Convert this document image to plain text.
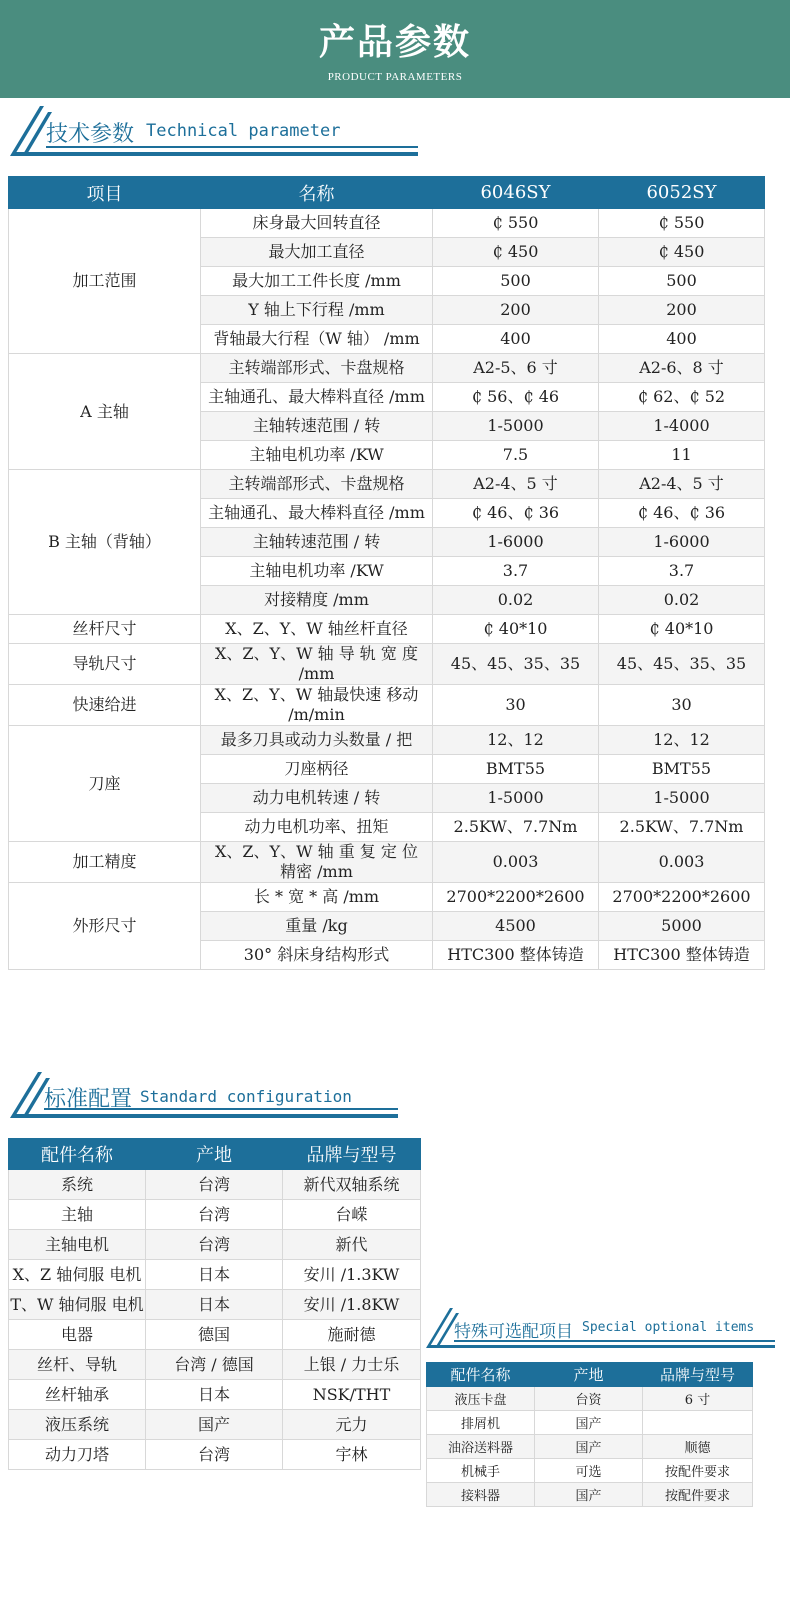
产品参数
PRODUCT PARAMETERS
技术参数 Technical parameter
项目	名称	6046SY	6052SY
加工范围	床身最大回转直径	₵ 550	₵ 550
	最大加工直径	₵ 450	₵ 450
	最大加工工件长度 /mm	500	500
	Y 轴上下行程 /mm	200	200
	背轴最大行程（W 轴） /mm	400	400
A 主轴	主转端部形式、卡盘规格	A2-5、6 寸	A2-6、8 寸
	主轴通孔、最大棒料直径 /mm	₵ 56、₵ 46	₵ 62、₵ 52
	主轴转速范围 / 转	1-5000	1-4000
	主轴电机功率 /KW	7.5	11
B 主轴（背轴）	主转端部形式、卡盘规格	A2-4、5 寸	A2-4、5 寸
	主轴通孔、最大棒料直径 /mm	₵ 46、₵ 36	₵ 46、₵ 36
	主轴转速范围 / 转	1-6000	1-6000
	主轴电机功率 /KW	3.7	3.7
	对接精度 /mm	0.02	0.02
丝杆尺寸	X、Z、Y、W 轴丝杆直径	₵ 40*10	₵ 40*10
导轨尺寸	X、Z、Y、W 轴 导 轨 宽 度 /mm	45、45、35、35	45、45、35、35
快速给进	X、Z、Y、W 轴最快速 移动 /m/min	30	30
刀座	最多刀具或动力头数量 / 把	12、12	12、12
	刀座柄径	BMT55	BMT55
	动力电机转速 / 转	1-5000	1-5000
	动力电机功率、扭矩	2.5KW、7.7Nm	2.5KW、7.7Nm
加工精度	X、Z、Y、W 轴 重 复 定 位 精密 /mm	0.003	0.003
外形尺寸	长 * 宽 * 高 /mm	2700*2200*2600	2700*2200*2600
	重量 /kg	4500	5000
	30° 斜床身结构形式	HTC300 整体铸造	HTC300 整体铸造
标准配置 Standard configuration
配件名称	产地	品牌与型号
系统	台湾	新代双轴系统
主轴	台湾	台嵘
主轴电机	台湾	新代
X、Z 轴伺服 电机	日本	安川 /1.3KW
T、W 轴伺服 电机	日本	安川 /1.8KW
电器	德国	施耐德
丝杆、导轨	台湾 / 德国	上银 / 力士乐
丝杆轴承	日本	NSK/THT
液压系统	国产	元力
动力刀塔	台湾	宇林
特殊可选配项目 Special optional items
配件名称	产地	品牌与型号
液压卡盘	台资	6 寸
排屑机	国产	
油浴送料器	国产	顺德
机械手	可选	按配件要求
接料器	国产	按配件要求
